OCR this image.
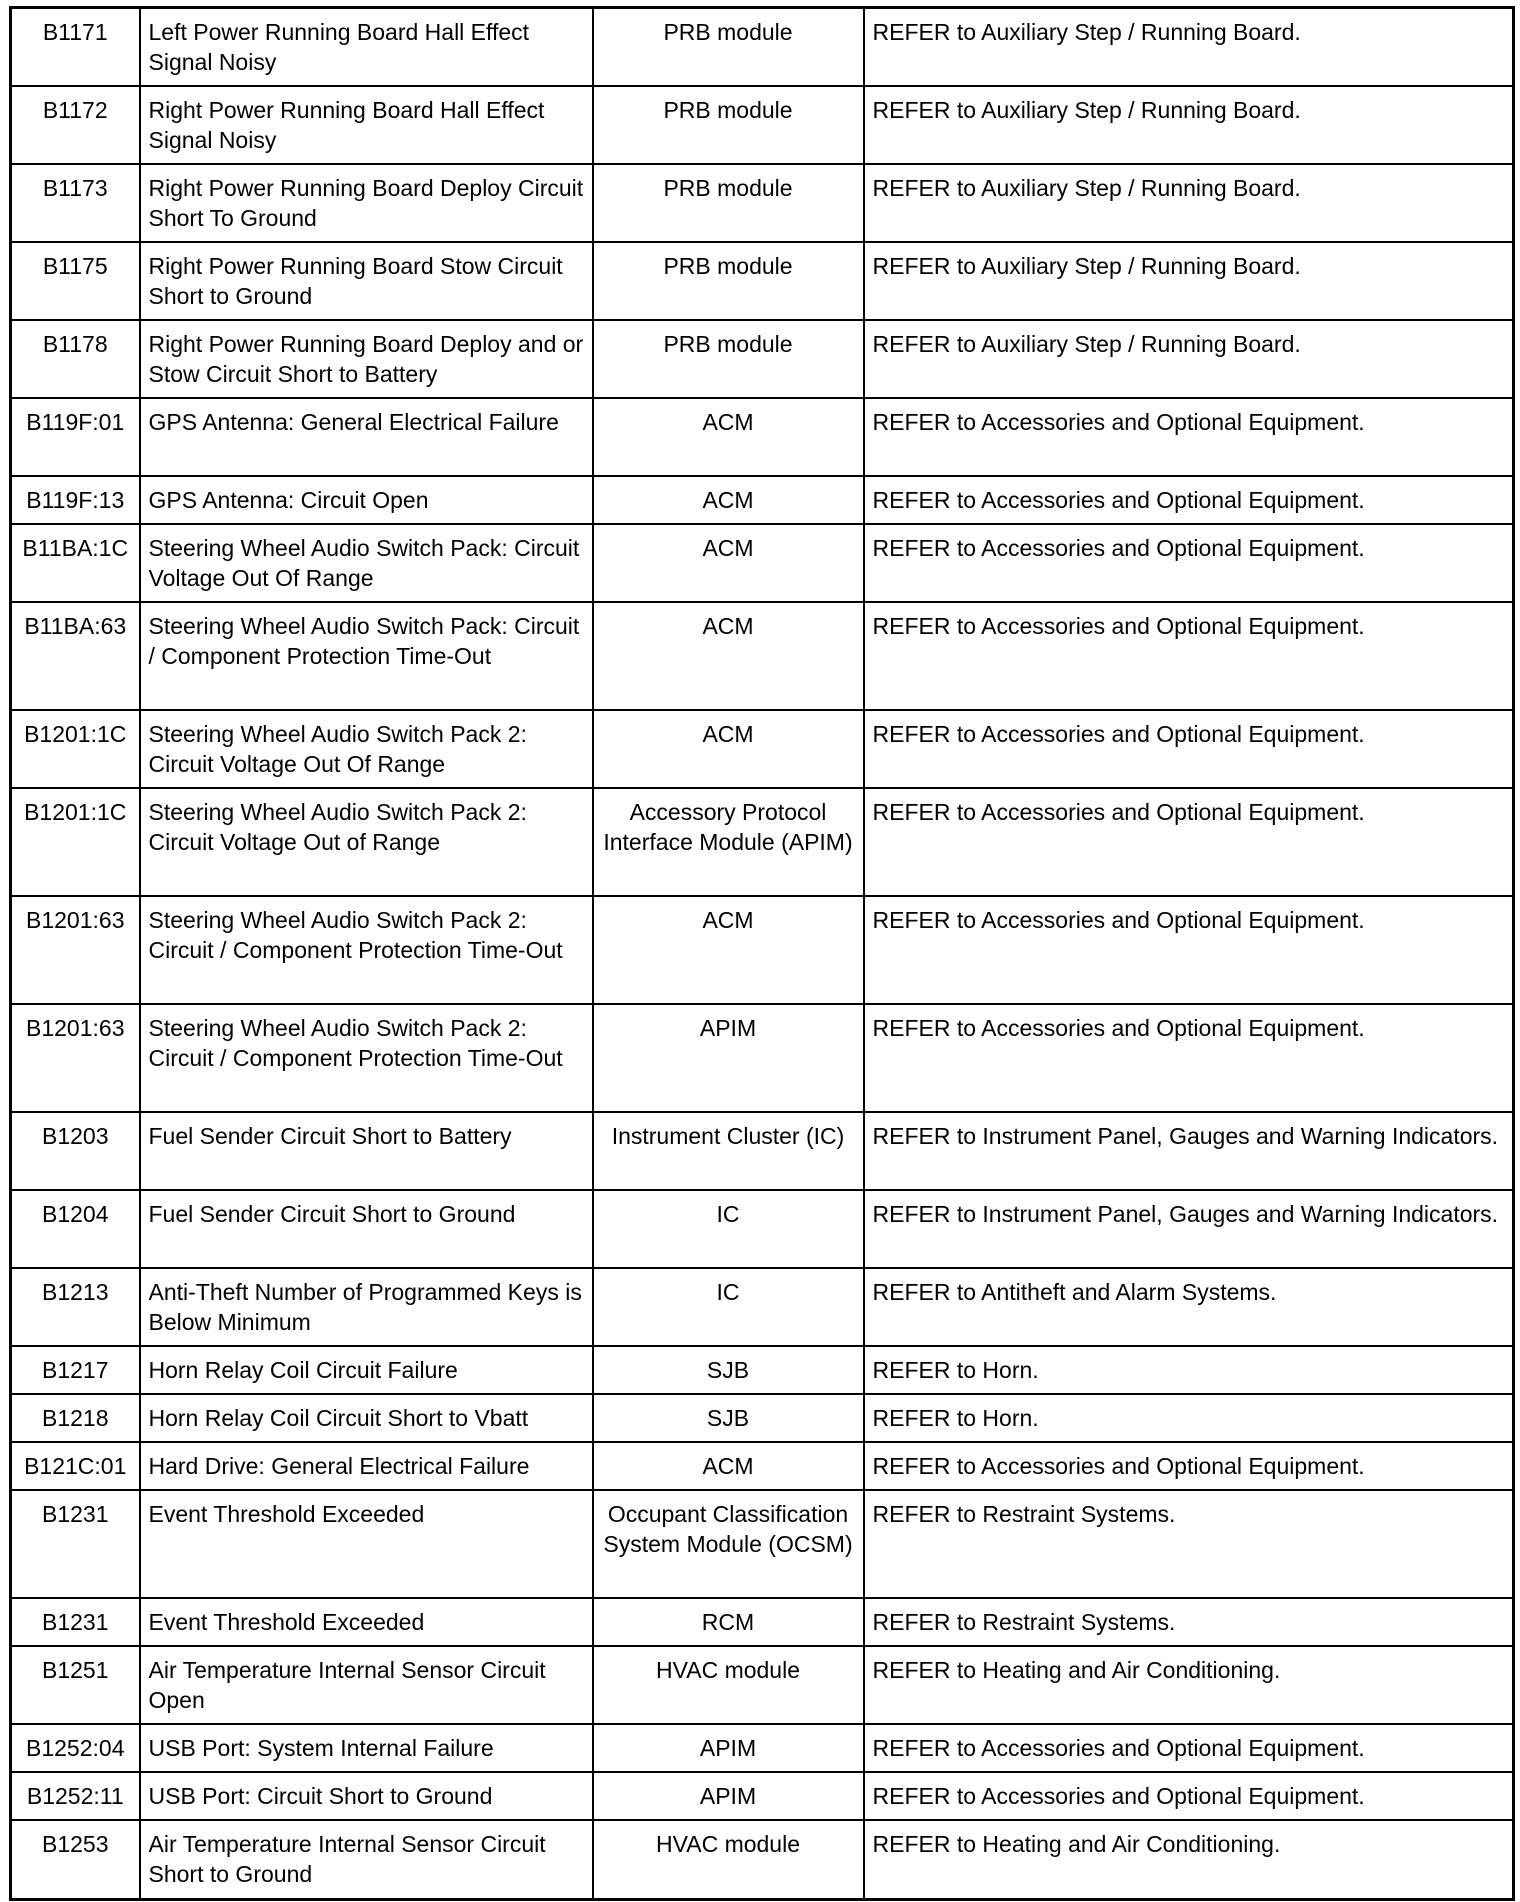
B1171	Left Power Running Board Hall Effect Signal Noisy	PRB module	REFER to Auxiliary Step / Running Board.
B1172	Right Power Running Board Hall Effect Signal Noisy	PRB module	REFER to Auxiliary Step / Running Board.
B1173	Right Power Running Board Deploy Circuit Short To Ground	PRB module	REFER to Auxiliary Step / Running Board.
B1175	Right Power Running Board Stow Circuit Short to Ground	PRB module	REFER to Auxiliary Step / Running Board.
B1178	Right Power Running Board Deploy and or Stow Circuit Short to Battery	PRB module	REFER to Auxiliary Step / Running Board.
B119F:01	GPS Antenna: General Electrical Failure	ACM	REFER to Accessories and Optional Equipment.
B119F:13	GPS Antenna: Circuit Open	ACM	REFER to Accessories and Optional Equipment.
B11BA:1C	Steering Wheel Audio Switch Pack: Circuit Voltage Out Of Range	ACM	REFER to Accessories and Optional Equipment.
B11BA:63	Steering Wheel Audio Switch Pack: Circuit / Component Protection Time-Out	ACM	REFER to Accessories and Optional Equipment.
B1201:1C	Steering Wheel Audio Switch Pack 2: Circuit Voltage Out Of Range	ACM	REFER to Accessories and Optional Equipment.
B1201:1C	Steering Wheel Audio Switch Pack 2: Circuit Voltage Out of Range	Accessory Protocol Interface Module (APIM)	REFER to Accessories and Optional Equipment.
B1201:63	Steering Wheel Audio Switch Pack 2: Circuit / Component Protection Time-Out	ACM	REFER to Accessories and Optional Equipment.
B1201:63	Steering Wheel Audio Switch Pack 2: Circuit / Component Protection Time-Out	APIM	REFER to Accessories and Optional Equipment.
B1203	Fuel Sender Circuit Short to Battery	Instrument Cluster (IC)	REFER to Instrument Panel, Gauges and Warning Indicators.
B1204	Fuel Sender Circuit Short to Ground	IC	REFER to Instrument Panel, Gauges and Warning Indicators.
B1213	Anti-Theft Number of Programmed Keys is Below Minimum	IC	REFER to Antitheft and Alarm Systems.
B1217	Horn Relay Coil Circuit Failure	SJB	REFER to Horn.
B1218	Horn Relay Coil Circuit Short to Vbatt	SJB	REFER to Horn.
B121C:01	Hard Drive: General Electrical Failure	ACM	REFER to Accessories and Optional Equipment.
B1231	Event Threshold Exceeded	Occupant Classification System Module (OCSM)	REFER to Restraint Systems.
B1231	Event Threshold Exceeded	RCM	REFER to Restraint Systems.
B1251	Air Temperature Internal Sensor Circuit Open	HVAC module	REFER to Heating and Air Conditioning.
B1252:04	USB Port: System Internal Failure	APIM	REFER to Accessories and Optional Equipment.
B1252:11	USB Port: Circuit Short to Ground	APIM	REFER to Accessories and Optional Equipment.
B1253	Air Temperature Internal Sensor Circuit Short to Ground	HVAC module	REFER to Heating and Air Conditioning.
